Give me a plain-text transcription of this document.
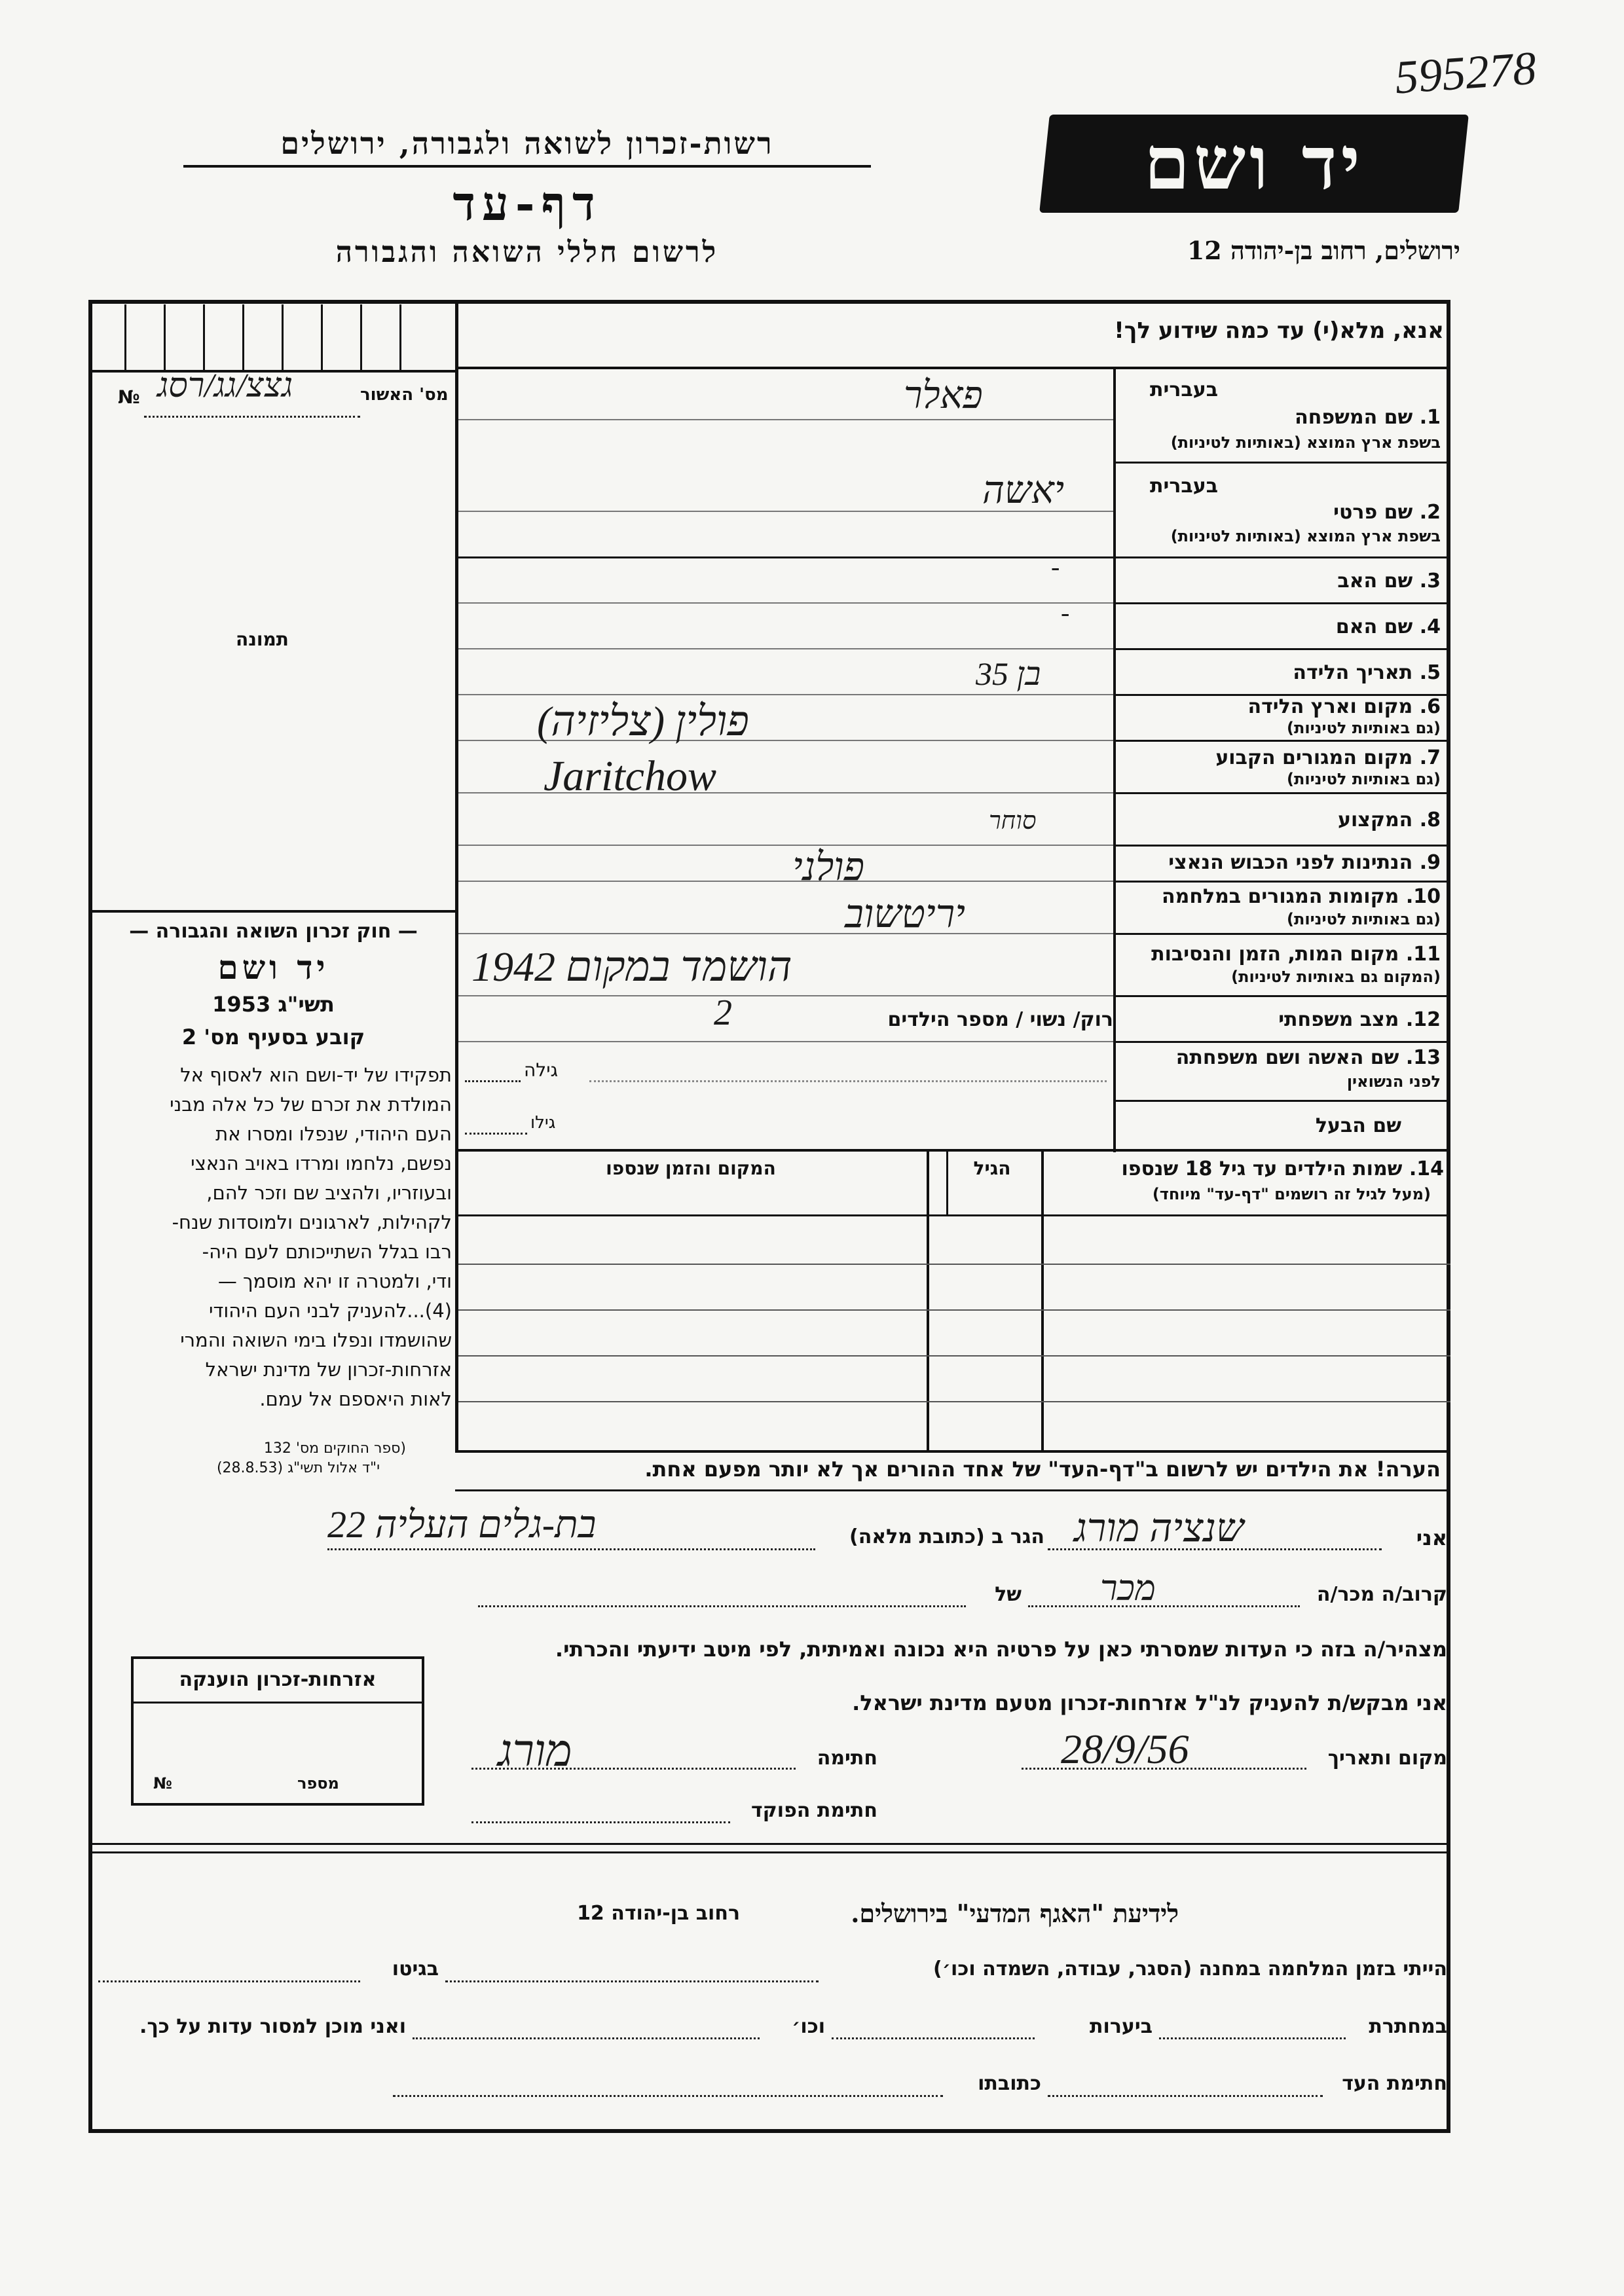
595278
רשות-זכרון לשואה ולגבורה, ירושלים
דף-עד
לרשום חללי השואה והגבורה
יד ושם
ירושלים, רחוב בן-יהודה 12
מס' האשור
№ גצצ/גג/רסג
תמונה
— חוק זכרון השואה והגבורה —
יד ושם
תשי"ג 1953
קובע בסעיף מס' 2
תפקידו של יד-ושם הוא לאסוף אל
המולדת את זכרם של כל אלה מבני
העם היהודי, שנפלו ומסרו את
נפשם, נלחמו ומרדו באויב הנאצי
ובעוזריו, ולהציב שם וזכר להם,
לקהילות, לארגונים ולמוסדות שנח-
רבו בגלל השתייכותם לעם היה-
ודי, ולמטרה זו יהא מוסמך —
(4)...להעניק לבני העם היהודי
שהושמדו ונפלו בימי השואה והמרי
אזרחות-זכרון של מדינת ישראל
לאות היאספם אל עמם.
(ספר החוקים מס' 132
י"ד אלול תשי"ג (28.8.53)
אנא, מלא(י) עד כמה שידוע לך!
בעברית
1. שם המשפחה
בשפת ארץ המוצא (באותיות לטיניות)
פאלר
בעברית
2. שם פרטי
בשפת ארץ המוצא (באותיות לטיניות)
יאשה
3. שם האב
-
4. שם האם
-
5. תאריך הלידה
בן 35
6. מקום וארץ הלידה
(גם באותיות לטיניות)
פולין (צליזיה)
7. מקום המגורים הקבוע
(גם באותיות לטיניות)
Jaritchow
8. המקצוע
סוחר
9. הנתינות לפני הכבוש הנאצי
פולני
10. מקומות המגורים במלחמה
(גם באותיות לטיניות)
יריטשוב
11. מקום המות, הזמן והנסיבות
(המקום גם באותיות לטיניות)
הושמד במקום 1942
12. מצב משפחתי
רוק/ נשוי / מספר הילדים
2
13. שם האשה ושם משפחתה
לפני הנשואין
גילה
שם הבעל
גילו
14. שמות הילדים עד גיל 18 שנספו
(מעל לגיל זה רושמים "דף-עד" מיוחד)
הגיל
המקום והזמן שנספו
הערה! את הילדים יש לרשום ב"דף-העד" של אחד ההורים אך לא יותר מפעם אחת.
אני
שנציה מורג
הגר ב (כתובת מלאה)
בת-גלים העליה 22
קרוב/ה מכר/ה
מכר
של
מצהיר/ה בזה כי העדות שמסרתי כאן על פרטיה היא נכונה ואמיתית, לפי מיטב ידיעתי והכרתי.
אני מבקש/ת להעניק לנ"ל אזרחות-זכרון מטעם מדינת ישראל.
מקום ותאריך
28/9/56
חתימה
מורג
חתימת הפוקד
אזרחות-זכרון הוענקה
מספר
№
לידיעת "האגף המדעי" בירושלים.
רחוב בן-יהודה 12
הייתי בזמן המלחמה במחנה (הסגר, עבודה, השמדה וכו׳)
בגיטו
במחתרת
ביערות
וכו׳
ואני מוכן למסור עדות על כך.
חתימת העד
כתובתו
